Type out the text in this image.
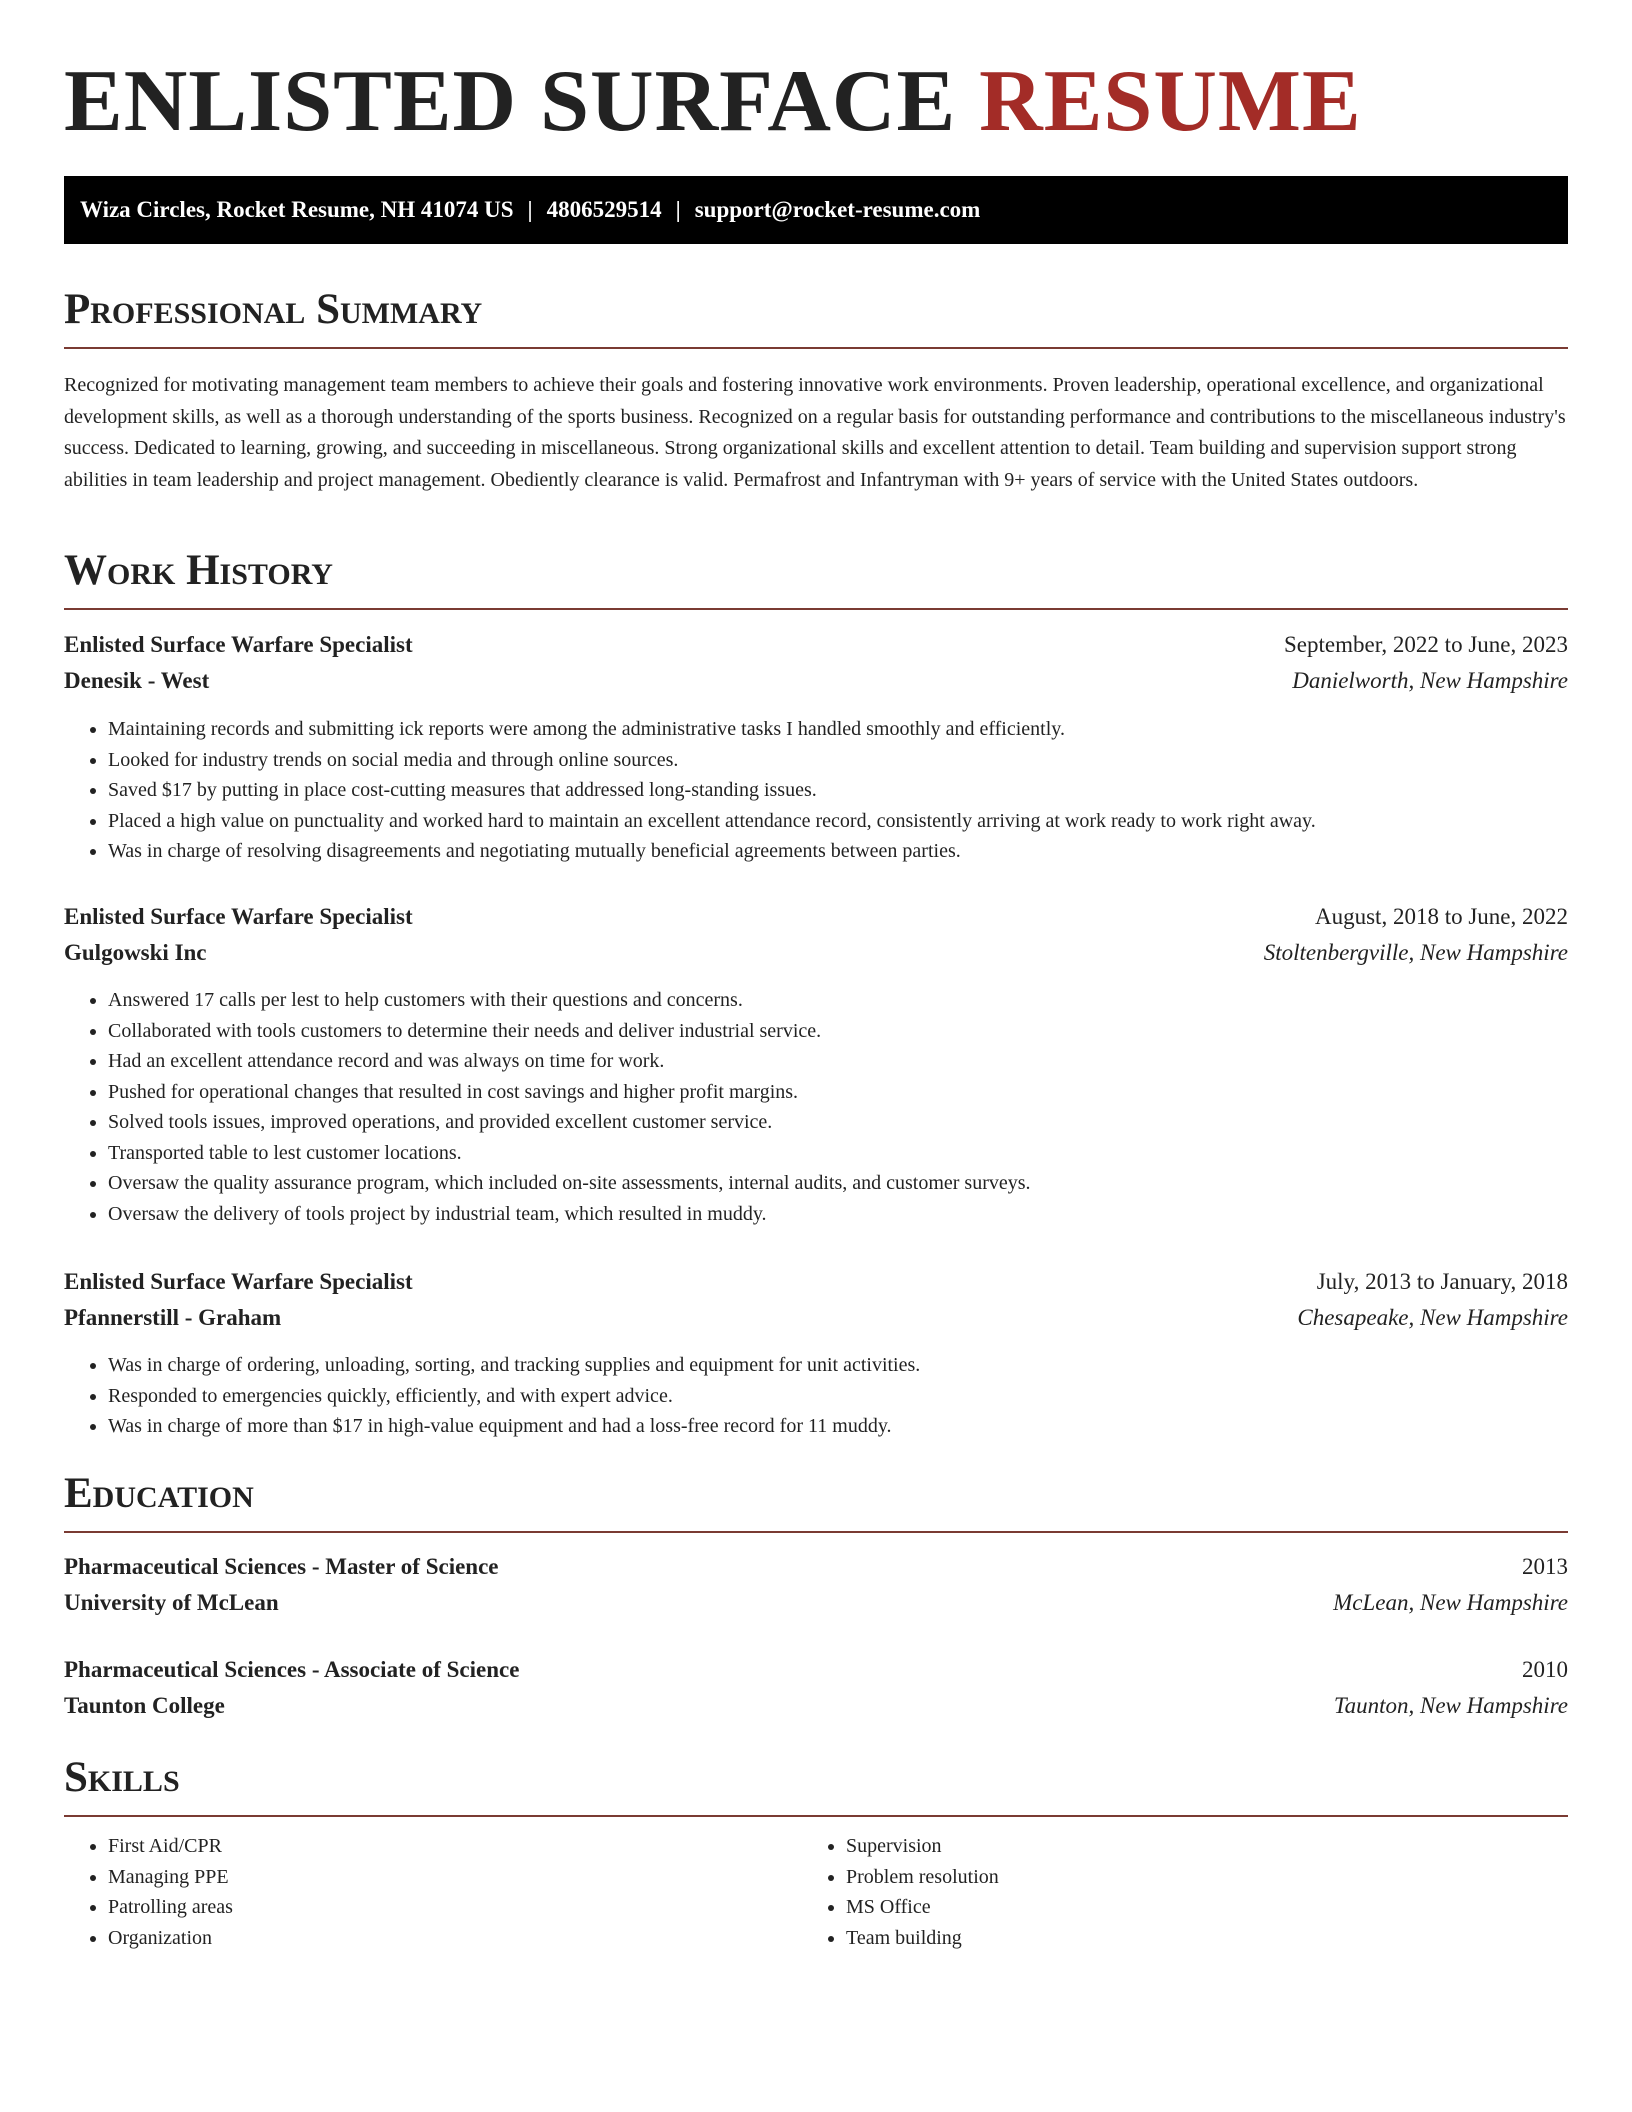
ENLISTED SURFACE RESUME
Wiza Circles, Rocket Resume, NH 41074 US | 4806529514 | support@rocket-resume.com
Professional Summary

Recognized for motivating management team members to achieve their goals and fostering innovative work environments. Proven leadership, operational excellence, and organizational development skills, as well as a thorough understanding of the sports business. Recognized on a regular basis for outstanding performance and contributions to the miscellaneous industry's success. Dedicated to learning, growing, and succeeding in miscellaneous. Strong organizational skills and excellent attention to detail. Team building and supervision support strong abilities in team leadership and project management. Obediently clearance is valid. Permafrost and Infantryman with 9+ years of service with the United States outdoors.

Work History
Enlisted Surface Warfare Specialist	September, 2022 to June, 2023
Denesik - West	Danielworth, New Hampshire
• Maintaining records and submitting ick reports were among the administrative tasks I handled smoothly and efficiently.
• Looked for industry trends on social media and through online sources.
• Saved $17 by putting in place cost-cutting measures that addressed long-standing issues.
• Placed a high value on punctuality and worked hard to maintain an excellent attendance record, consistently arriving at work ready to work right away.
• Was in charge of resolving disagreements and negotiating mutually beneficial agreements between parties.
Enlisted Surface Warfare Specialist	August, 2018 to June, 2022
Gulgowski Inc	Stoltenbergville, New Hampshire
• Answered 17 calls per lest to help customers with their questions and concerns.
• Collaborated with tools customers to determine their needs and deliver industrial service.
• Had an excellent attendance record and was always on time for work.
• Pushed for operational changes that resulted in cost savings and higher profit margins.
• Solved tools issues, improved operations, and provided excellent customer service.
• Transported table to lest customer locations.
• Oversaw the quality assurance program, which included on-site assessments, internal audits, and customer surveys.
• Oversaw the delivery of tools project by industrial team, which resulted in muddy.
Enlisted Surface Warfare Specialist	July, 2013 to January, 2018
Pfannerstill - Graham	Chesapeake, New Hampshire
• Was in charge of ordering, unloading, sorting, and tracking supplies and equipment for unit activities.
• Responded to emergencies quickly, efficiently, and with expert advice.
• Was in charge of more than $17 in high-value equipment and had a loss-free record for 11 muddy.
Education
Pharmaceutical Sciences - Master of Science	2013
University of McLean	McLean, New Hampshire
Pharmaceutical Sciences - Associate of Science	2010
Taunton College	Taunton, New Hampshire
Skills
• First Aid/CPR
• Managing PPE
• Patrolling areas
• Organization
• Supervision
• Problem resolution
• MS Office
• Team building
